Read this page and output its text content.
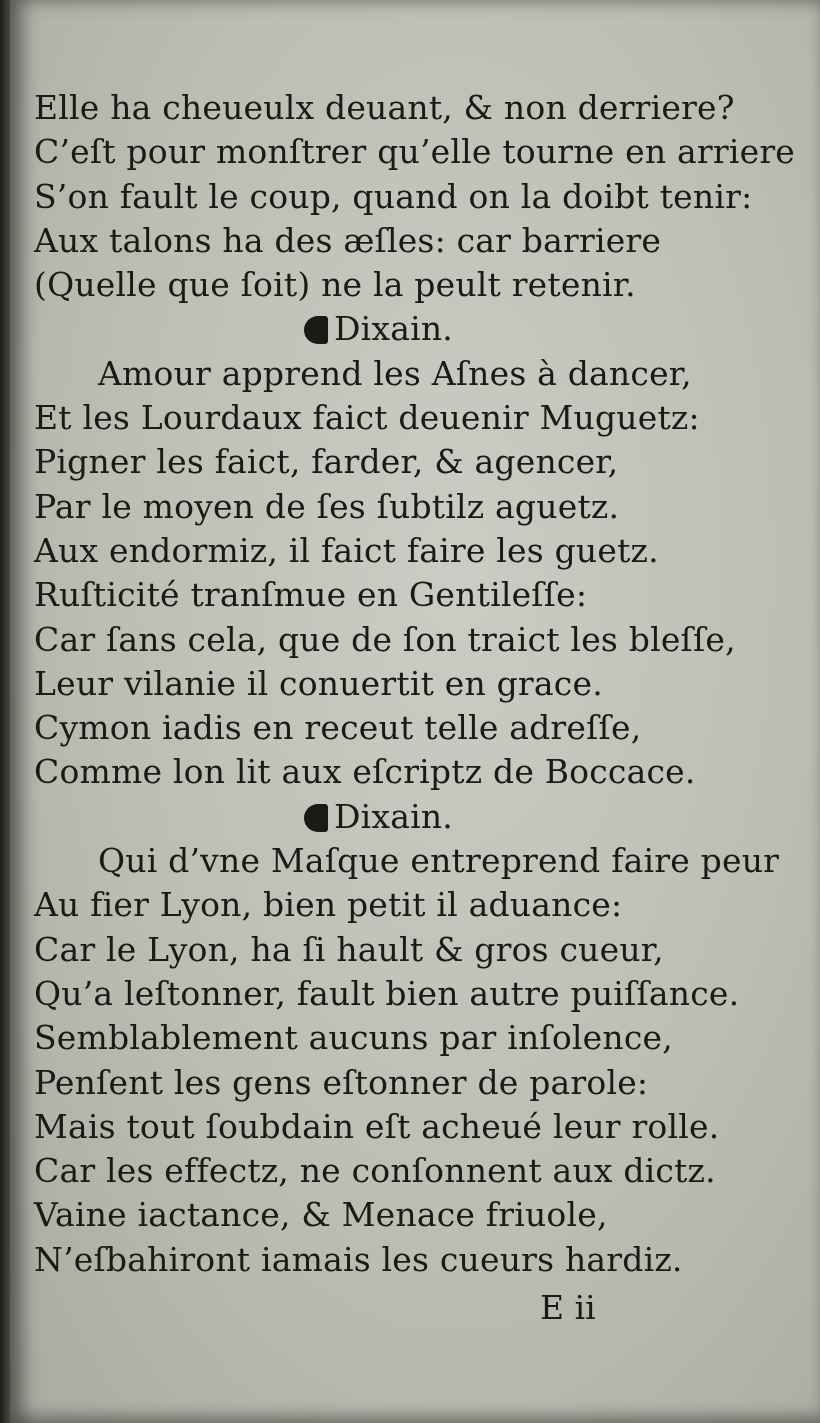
Elle ha cheueulx deuant, & non derriere?
C’eſt pour monſtrer qu’elle tourne en arriere
S’on fault le coup, quand on la doibt tenir:
Aux talons ha des æſles: car barriere
(Quelle que ſoit) ne la peult retenir.
Dixain.
Amour apprend les Aſnes à dancer,
Et les Lourdaux faict deuenir Muguetz:
Pigner les faict, farder, & agencer,
Par le moyen de ſes ſubtilz aguetz.
Aux endormiz, il faict faire les guetz.
Ruſticité tranſmue en Gentileſſe:
Car ſans cela, que de ſon traict les bleſſe,
Leur vilanie il conuertit en grace.
Cymon iadis en receut telle adreſſe,
Comme lon lit aux eſcriptz de Boccace.
Dixain.
Qui d’vne Maſque entreprend faire peur
Au fier Lyon, bien petit il aduance:
Car le Lyon, ha ſi hault & gros cueur,
Qu’a leſtonner, fault bien autre puiſſance.
Semblablement aucuns par inſolence,
Penſent les gens eſtonner de parole:
Mais tout ſoubdain eſt acheué leur rolle.
Car les effectz, ne conſonnent aux dictz.
Vaine iactance, & Menace friuole,
N’eſbahiront iamais les cueurs hardiz.
E ii
